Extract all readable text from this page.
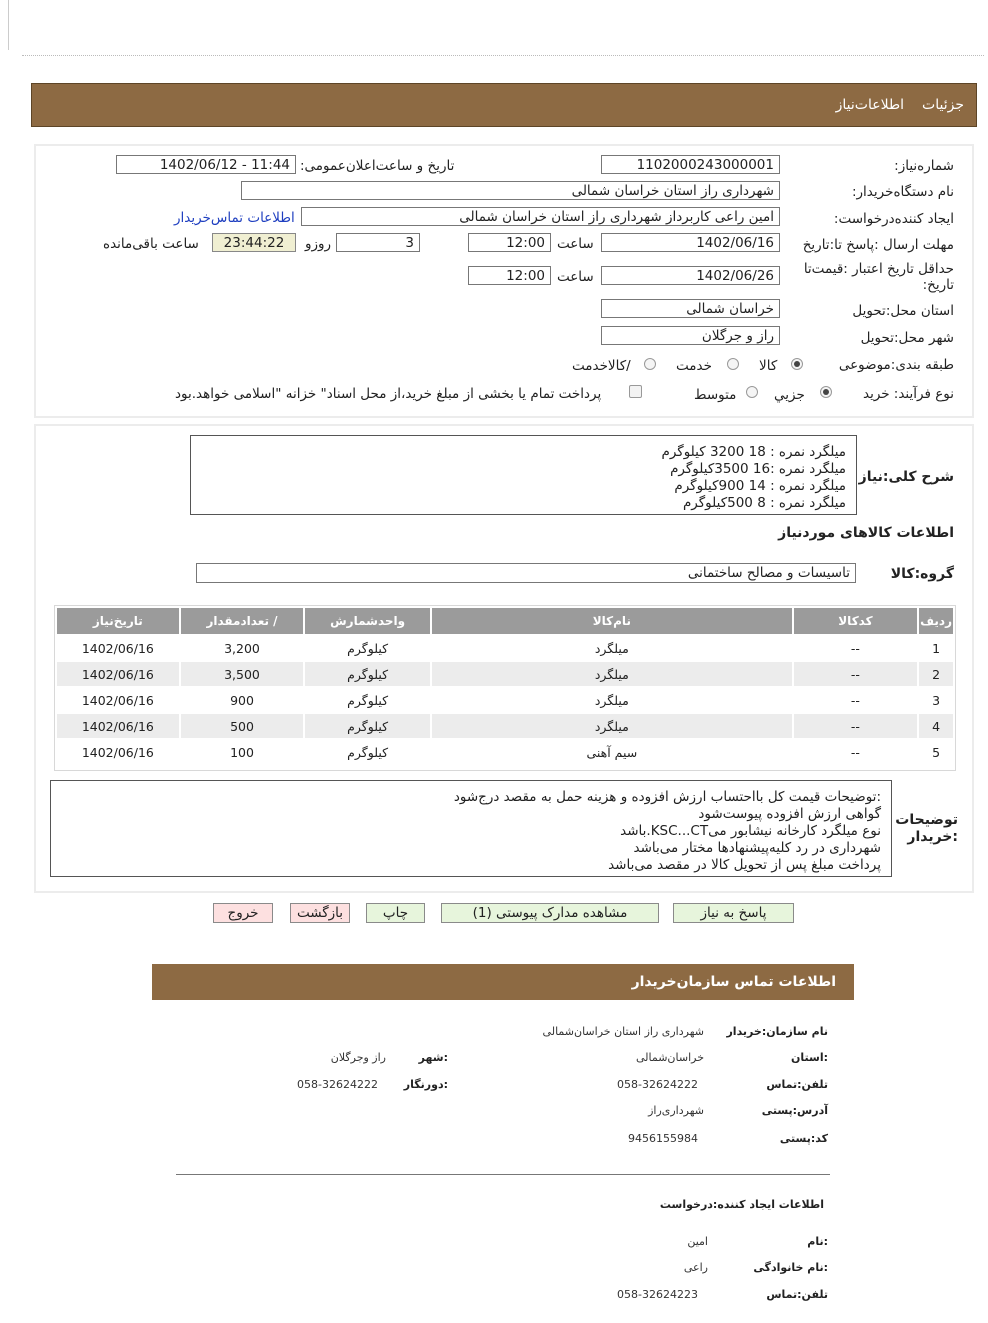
جزئیات
اطلاعات‌نیاز
شماره‌نیاز:
1102000243000001
تاریخ و ساعت‌اعلان‌عمومی:
1402/06/12 - 11:44
نام دستگاه‌خریدار:
شهرداری راز استان خراسان شمالی
ایجاد کننده‌درخواست:
امین راعی کاربرداز شهرداری راز استان خراسان شمالی
اطلاعات تماس‌خریدار
مهلت ارسال :پاسخ تا:تاریخ
1402/06/16
ساعت
12:00
3
روزو
23:44:22
ساعت باقی‌مانده
حداقل تاریخ اعتبار :قیمت‌تا تاریخ:
1402/06/26
ساعت
12:00
استان محل:تحویل
خراسان شمالی
شهر محل:تحویل
راز و جرگلان
طبقه بندی:موضوعی
کالا
خدمت
/کالاخدمت
نوع فرآیند:
خرید
جزیي
متوسط
پرداخت تمام یا بخشی از مبلغ خرید،از محل اسناد" خزانه "اسلامی خواهد.بود
شرح کلی:نیاز
میلگرد نمره : 18 3200 کیلوگرم
میلگرد نمره :16 3500کیلوگرم
میلگرد نمره : 14 900کیلوگرم
میلگرد نمره : 8 500کیلوگرم
اطلاعات کالاهای موردنیاز
گروه:کالا
تاسیسات و مصالح ساختمانی
ردیف	کدکالا	نام‌کالا	واحدشمارش	/ تعدادمقدار	تاریخ‌نیاز
1	--	میلگرد	کیلوگرم	3,200	1402/06/16
2	--	میلگرد	کیلوگرم	3,500	1402/06/16
3	--	میلگرد	کیلوگرم	900	1402/06/16
4	--	میلگرد	کیلوگرم	500	1402/06/16
5	--	سیم آهنی	کیلوگرم	100	1402/06/16
توضیحات :خریدار
:توضیحات قیمت کل بااحتساب ارزش افزوده و هزینه حمل به مقصد درج‌شود
گواهی ارزش افزوده پیوست‌شود
نوع میلگرد کارخانه نیشابور میKSC...CT.باشد
شهرداری در رد کلیه‌پیشنهادها مختار می‌باشد
پرداخت مبلغ پس از تحویل کالا در مقصد می‌باشد
پاسخ به نیاز
مشاهده مدارک پیوستی (1)
چاپ
بازگشت
خروج
اطلاعات تماس سازمان‌خریدار
نام سازمان:خریدار
شهرداری راز استان خراسان‌شمالی
:استان
خراسان‌شمالی
:شهر
راز وجرگلان
تلفن:تماس
058-32624222
:دورنگار
058-32624222
آدرس:پستی
شهرداری‌راز
کد:پستی
9456155984
اطلاعات ایجاد کننده:درخواست
:نام
امین
:نام خانوادگی
راعی
تلفن:تماس
058-32624223
